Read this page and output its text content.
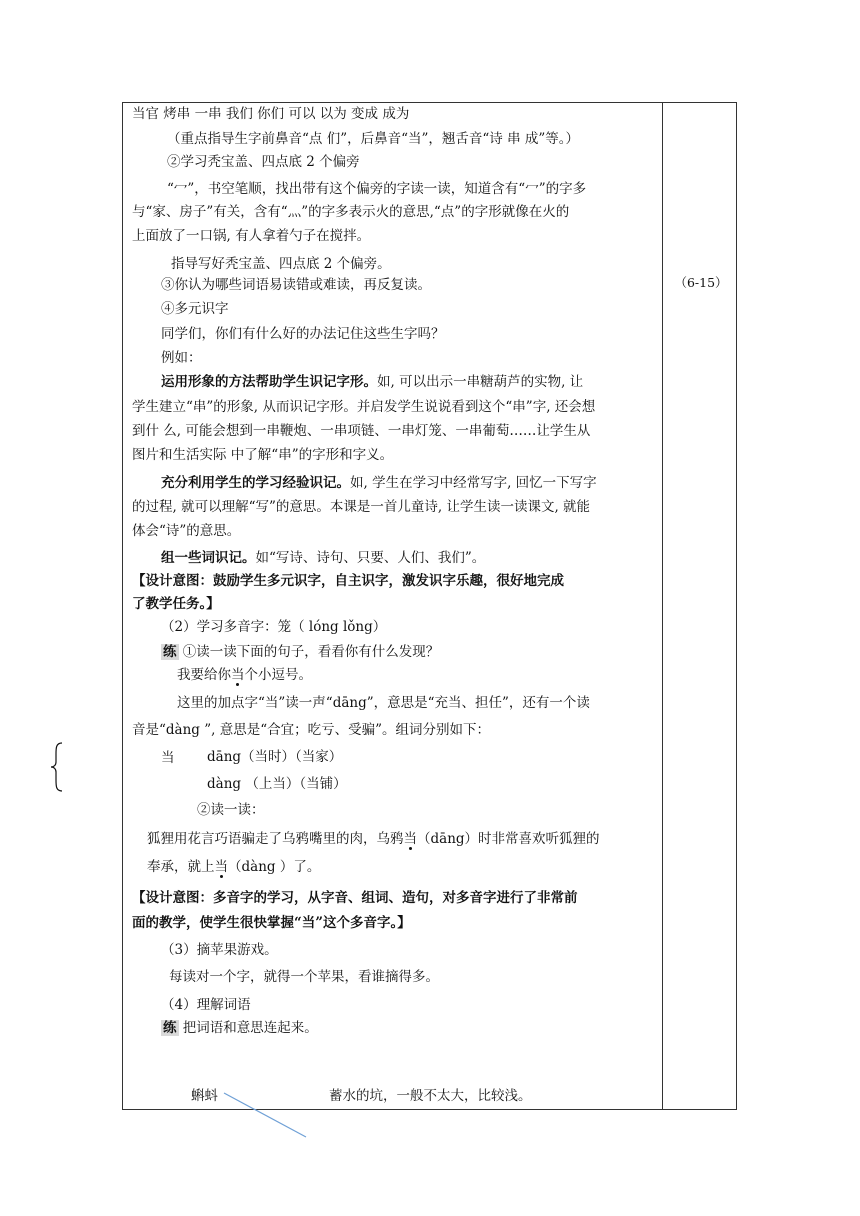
当官 烤串 一串 我们 你们 可以 以为 变成 成为
（重点指导生字前鼻音“点 们”，后鼻音“当”，翘舌音“诗 串 成”等。）
②学习秃宝盖、四点底 2 个偏旁
“冖”，书空笔顺，找出带有这个偏旁的字读一读，知道含有“冖”的字多
与“家、房子”有关，含有“灬”的字多表示火的意思,“点”的字形就像在火的
上面放了一口锅, 有人拿着勺子在搅拌。
指导写好秃宝盖、四点底 2 个偏旁。
③你认为哪些词语易读错或难读，再反复读。
④多元识字
同学们，你们有什么好的办法记住这些生字吗？
例如：
运用形象的方法帮助学生识记字形。如, 可以出示一串糖葫芦的实物, 让
学生建立“串”的形象, 从而识记字形。并启发学生说说看到这个“串”字, 还会想
到什 么, 可能会想到一串鞭炮、一串项链、一串灯笼、一串葡萄……让学生从
图片和生活实际 中了解“串”的字形和字义。
充分利用学生的学习经验识记。如, 学生在学习中经常写字, 回忆一下写字
的过程, 就可以理解“写”的意思。本课是一首儿童诗, 让学生读一读课文, 就能
体会“诗”的意思。
组一些词识记。如“写诗、诗句、只要、人们、我们”。
【设计意图：鼓励学生多元识字，自主识字，激发识字乐趣，很好地完成
了教学任务。】
（2）学习多音字：笼（ lóng lǒng）
练 ①读一读下面的句子，看看你有什么发现？
我要给你当个小逗号。
这里的加点字“当”读一声“dāng”，意思是“充当、担任”，还有一个读
音是“dàng ”, 意思是“合宜；吃亏、受骗”。组词分别如下：
当 dāng（当时）（当家）
dàng （上当）（当铺）
②读一读：
狐狸用花言巧语骗走了乌鸦嘴里的肉，乌鸦当（dāng）时非常喜欢听狐狸的
奉承，就上当（dàng ）了。
【设计意图：多音字的学习，从字音、组词、造句，对多音字进行了非常前
面的教学，使学生很快掌握“当”这个多音字。】
（3）摘苹果游戏。
每读对一个字，就得一个苹果，看谁摘得多。
（4）理解词语
练 把词语和意思连起来。
蝌蚪	蓄水的坑，一般不太大，比较浅。
（6-15）
